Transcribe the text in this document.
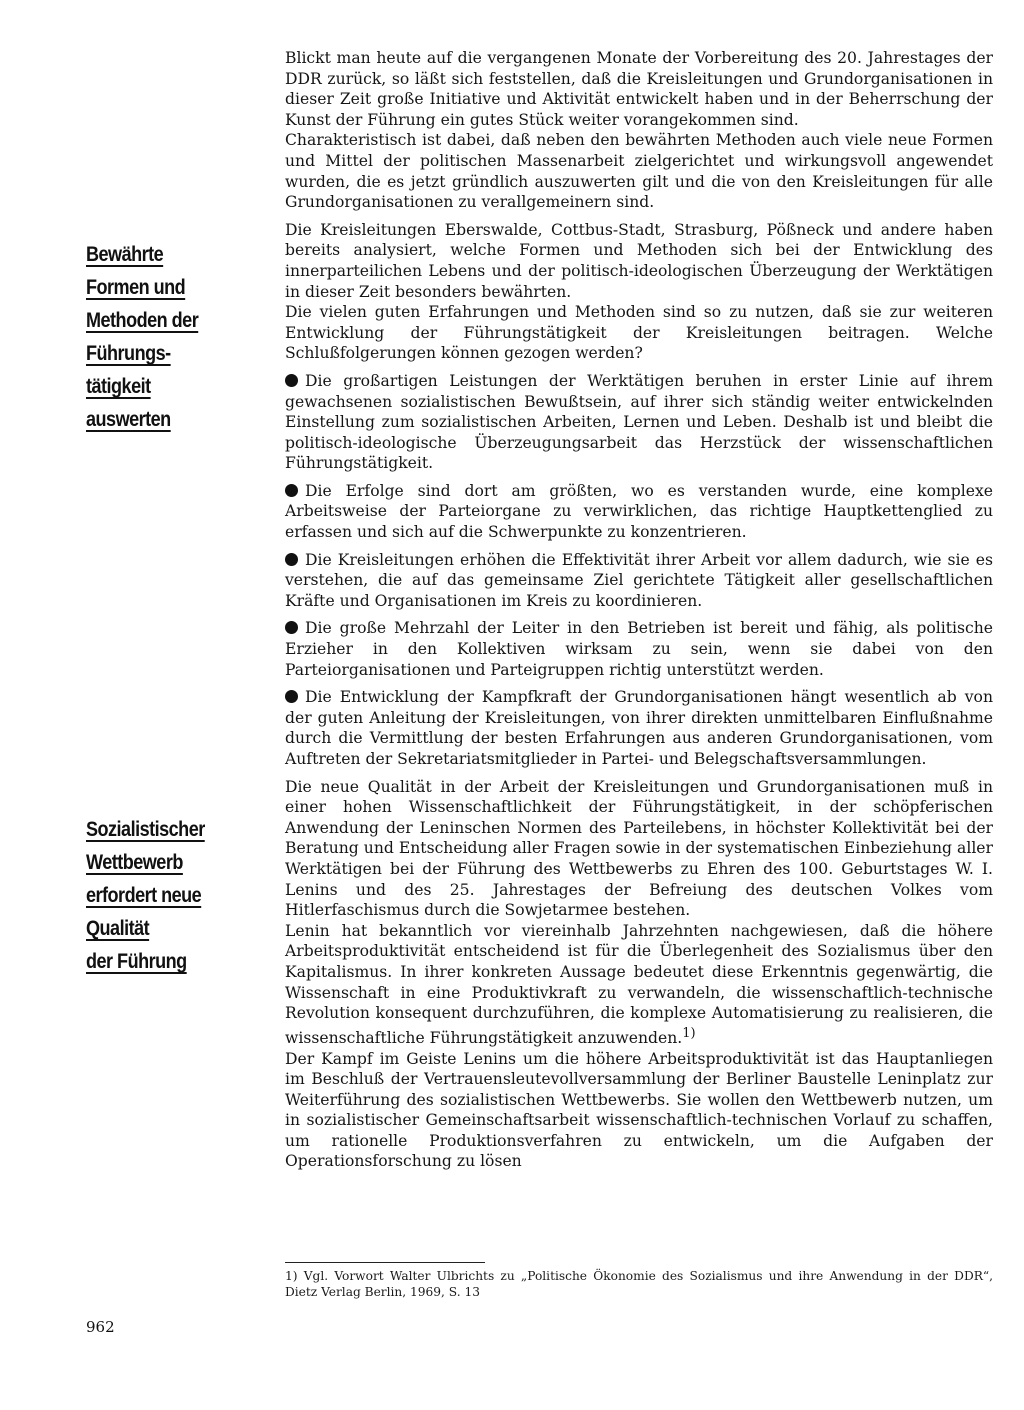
Bewährte
Formen und
Methoden der
Führungs-
tätigkeit
auswerten
Sozialistischer
Wettbewerb
erfordert neue
Qualität
der Führung

Blickt man heute auf die vergangenen Monate der Vorbereitung des 20. Jahrestages der DDR zurück, so läßt sich feststellen, daß die Kreisleitungen und Grundorganisationen in dieser Zeit große Initiative und Aktivität entwickelt haben und in der Beherrschung der Kunst der Führung ein gutes Stück weiter vorangekommen sind.

Charakteristisch ist dabei, daß neben den bewährten Methoden auch viele neue Formen und Mittel der politischen Massenarbeit zielgerichtet und wirkungsvoll angewendet wurden, die es jetzt gründlich auszuwerten gilt und die von den Kreisleitungen für alle Grundorganisationen zu verallgemeinern sind.

Die Kreisleitungen Eberswalde, Cottbus-Stadt, Strasburg, Pößneck und andere haben bereits analysiert, welche Formen und Methoden sich bei der Entwicklung des innerparteilichen Lebens und der politisch-ideologischen Überzeugung der Werktätigen in dieser Zeit besonders bewährten.

Die vielen guten Erfahrungen und Methoden sind so zu nutzen, daß sie zur weiteren Entwicklung der Führungstätigkeit der Kreisleitungen beitragen. Welche Schlußfolgerungen können gezogen werden?

Die großartigen Leistungen der Werktätigen beruhen in erster Linie auf ihrem gewachsenen sozialistischen Bewußtsein, auf ihrer sich ständig weiter entwickelnden Einstellung zum sozialistischen Arbeiten, Lernen und Leben. Deshalb ist und bleibt die politisch-ideologische Überzeugungsarbeit das Herzstück der wissenschaftlichen Führungstätigkeit.

Die Erfolge sind dort am größten, wo es verstanden wurde, eine komplexe Arbeitsweise der Parteiorgane zu verwirklichen, das richtige Hauptkettenglied zu erfassen und sich auf die Schwerpunkte zu konzentrieren.

Die Kreisleitungen erhöhen die Effektivität ihrer Arbeit vor allem dadurch, wie sie es verstehen, die auf das gemeinsame Ziel gerichtete Tätigkeit aller gesellschaftlichen Kräfte und Organisationen im Kreis zu koordinieren.

Die große Mehrzahl der Leiter in den Betrieben ist bereit und fähig, als politische Erzieher in den Kollektiven wirksam zu sein, wenn sie dabei von den Parteiorganisationen und Parteigruppen richtig unterstützt werden.

Die Entwicklung der Kampfkraft der Grundorganisationen hängt wesentlich ab von der guten Anleitung der Kreisleitungen, von ihrer direkten unmittelbaren Einflußnahme durch die Vermittlung der besten Erfahrungen aus anderen Grundorganisationen, vom Auftreten der Sekretariatsmitglieder in Partei- und Belegschaftsversammlungen.

Die neue Qualität in der Arbeit der Kreisleitungen und Grundorganisationen muß in einer hohen Wissenschaftlichkeit der Führungstätigkeit, in der schöpferischen Anwendung der Leninschen Normen des Parteilebens, in höchster Kollektivität bei der Beratung und Entscheidung aller Fragen sowie in der systematischen Einbeziehung aller Werktätigen bei der Führung des Wettbewerbs zu Ehren des 100. Geburtstages W. I. Lenins und des 25. Jahrestages der Befreiung des deutschen Volkes vom Hitlerfaschismus durch die Sowjetarmee bestehen.

Lenin hat bekanntlich vor viereinhalb Jahrzehnten nachgewiesen, daß die höhere Arbeitsproduktivität entscheidend ist für die Überlegenheit des Sozialismus über den Kapitalismus. In ihrer konkreten Aussage bedeutet diese Erkenntnis gegenwärtig, die Wissenschaft in eine Produktivkraft zu verwandeln, die wissenschaftlich-technische Revolution konsequent durchzuführen, die komplexe Automatisierung zu realisieren, die wissenschaftliche Führungstätigkeit anzuwenden.$^{1)}$

Der Kampf im Geiste Lenins um die höhere Arbeitsproduktivität ist das Hauptanliegen im Beschluß der Vertrauensleutevollversammlung der Berliner Baustelle Leninplatz zur Weiterführung des sozialistischen Wettbewerbs. Sie wollen den Wettbewerb nutzen, um in sozialistischer Gemeinschaftsarbeit wissenschaftlich-technischen Vorlauf zu schaffen, um rationelle Produktionsverfahren zu entwickeln, um die Aufgaben der Operationsforschung zu lösen

1) Vgl. Vorwort Walter Ulbrichts zu „Politische Ökonomie des Sozialismus und ihre Anwendung in der DDR“, Dietz Verlag Berlin, 1969, S. 13
962
